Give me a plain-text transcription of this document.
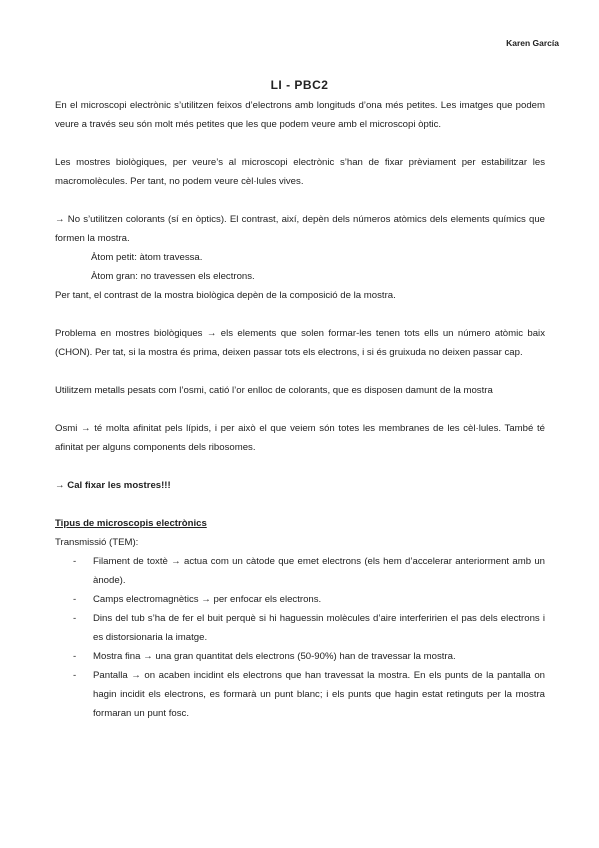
Karen García
LI - PBC2

En el microscopi electrònic s’utilitzen feixos d’electrons amb longituds d’ona més petites. Les imatges que podem veure a través seu són molt més petites que les que podem veure amb el microscopi òptic.

Les mostres biològiques, per veure’s al microscopi electrònic s’han de fixar prèviament per estabilitzar les macromolècules. Per tant, no podem veure cèl·lules vives.

→ No s’utilitzen colorants (sí en òptics). El contrast, així, depèn dels números atòmics dels elements químics que formen la mostra.

Àtom petit: àtom travessa.

Àtom gran: no travessen els electrons.

Per tant, el contrast de la mostra biològica depèn de la composició de la mostra.

Problema en mostres biològiques → els elements que solen formar-les tenen tots ells un número atòmic baix (CHON). Per tat, si la mostra és prima, deixen passar tots els electrons, i si és gruixuda no deixen passar cap.

Utilitzem metalls pesats com l’osmi, catió l’or enlloc de colorants, que es disposen damunt de la mostra

Osmi → té molta afinitat pels lípids, i per això el que veiem són totes les membranes de les cèl·lules. També té afinitat per alguns components dels ribosomes.

→ Cal fixar les mostres!!!

Tipus de microscopis electrònics

Transmissió (TEM):

- Filament de toxtè → actua com un càtode que emet electrons (els hem d’accelerar anteriorment amb un ànode).
- Camps electromagnètics → per enfocar els electrons.
- Dins del tub s’ha de fer el buit perquè si hi haguessin molècules d’aire interferirien el pas dels electrons i es distorsionaria la imatge.
- Mostra fina → una gran quantitat dels electrons (50-90%) han de travessar la mostra.
- Pantalla → on acaben incidint els electrons que han travessat la mostra. En els punts de la pantalla on hagin incidit els electrons, es formarà un punt blanc; i els punts que hagin estat retinguts per la mostra formaran un punt fosc.
